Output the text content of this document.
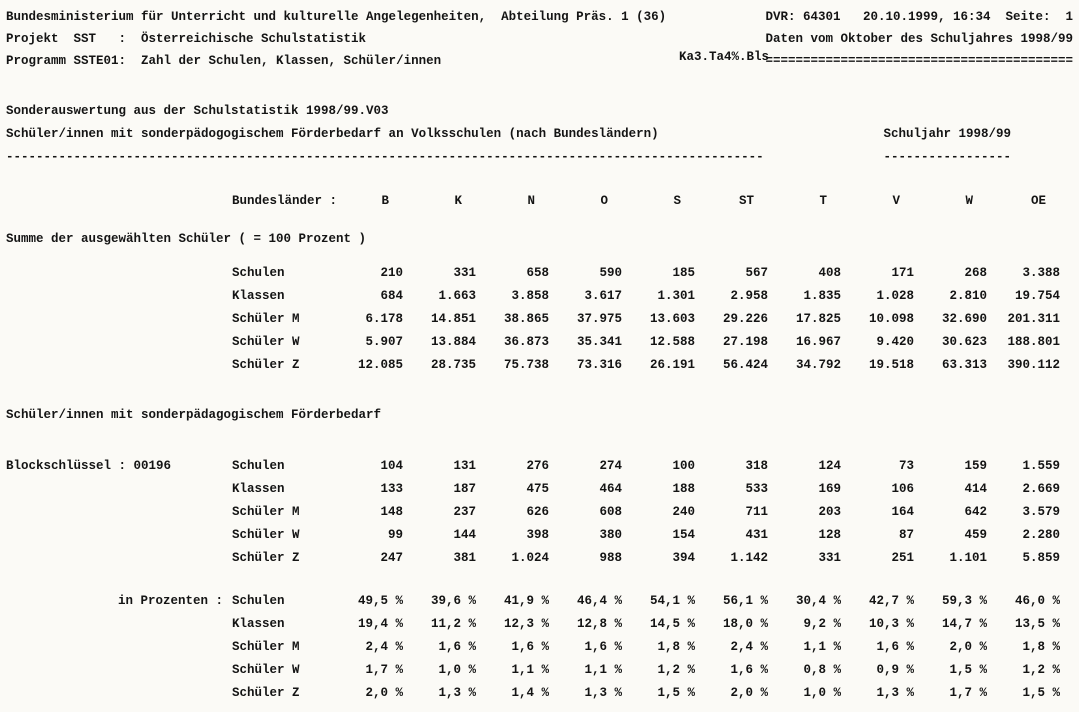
Bundesministerium für Unterricht und kulturelle Angelegenheiten,  Abteilung Präs. 1 (36)	DVR: 64301   20.10.1999, 16:34  Seite:  1
Projekt  SST   :  Österreichische Schulstatistik	Daten vom Oktober des Schuljahres 1998/99
Programm SSTE01:  Zahl der Schulen, Klassen, Schüler/innen	=========================================
Ka3.Ta4%.Bls
Sonderauswertung aus der Schulstatistik 1998/99.V03
Schüler/innen mit sonderpädogogischem Förderbedarf an Volksschulen (nach Bundesländern)	Schuljahr 1998/99
-----------------------------------------------------------------------------------------------------	-----------------
Bundesländer :	B	K	N	O	S	ST	T	V	W	OE
Summe der ausgewählten Schüler ( = 100 Prozent )
Schulen	210	331	658	590	185	567	408	171	268	3.388
Klassen	684	1.663	3.858	3.617	1.301	2.958	1.835	1.028	2.810	19.754
Schüler M	6.178	14.851	38.865	37.975	13.603	29.226	17.825	10.098	32.690	201.311
Schüler W	5.907	13.884	36.873	35.341	12.588	27.198	16.967	9.420	30.623	188.801
Schüler Z	12.085	28.735	75.738	73.316	26.191	56.424	34.792	19.518	63.313	390.112
Schüler/innen mit sonderpädagogischem Förderbedarf
Blockschlüssel : 00196	Schulen	104	131	276	274	100	318	124	73	159	1.559
Klassen	133	187	475	464	188	533	169	106	414	2.669
Schüler M	148	237	626	608	240	711	203	164	642	3.579
Schüler W	99	144	398	380	154	431	128	87	459	2.280
Schüler Z	247	381	1.024	988	394	1.142	331	251	1.101	5.859
in Prozenten : Schulen	49,5 %	39,6 %	41,9 %	46,4 %	54,1 %	56,1 %	30,4 %	42,7 %	59,3 %	46,0 %
Klassen	19,4 %	11,2 %	12,3 %	12,8 %	14,5 %	18,0 %	9,2 %	10,3 %	14,7 %	13,5 %
Schüler M	2,4 %	1,6 %	1,6 %	1,6 %	1,8 %	2,4 %	1,1 %	1,6 %	2,0 %	1,8 %
Schüler W	1,7 %	1,0 %	1,1 %	1,1 %	1,2 %	1,6 %	0,8 %	0,9 %	1,5 %	1,2 %
Schüler Z	2,0 %	1,3 %	1,4 %	1,3 %	1,5 %	2,0 %	1,0 %	1,3 %	1,7 %	1,5 %
